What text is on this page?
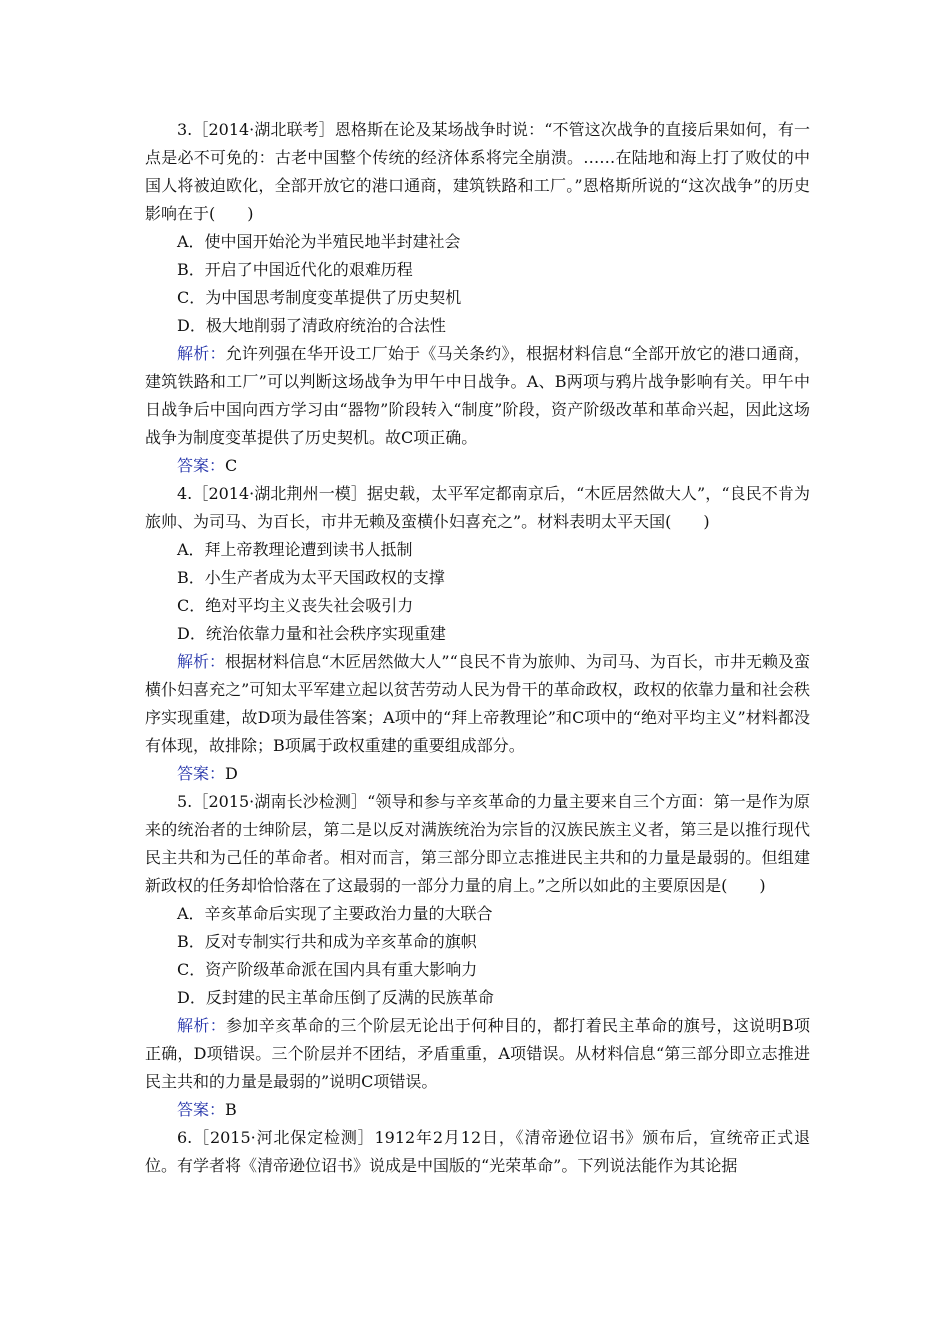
3.［2014·湖北联考］恩格斯在论及某场战争时说：“不管这次战争的直接后果如何，有一点是必不可免的：古老中国整个传统的经济体系将完全崩溃。……在陆地和海上打了败仗的中国人将被迫欧化，全部开放它的港口通商，建筑铁路和工厂。”恩格斯所说的“这次战争”的历史影响在于(　　)

A．使中国开始沦为半殖民地半封建社会

B．开启了中国近代化的艰难历程

C．为中国思考制度变革提供了历史契机

D．极大地削弱了清政府统治的合法性

解析：允许列强在华开设工厂始于《马关条约》，根据材料信息“全部开放它的港口通商，建筑铁路和工厂”可以判断这场战争为甲午中日战争。A、B两项与鸦片战争影响有关。甲午中日战争后中国向西方学习由“器物”阶段转入“制度”阶段，资产阶级改革和革命兴起，因此这场战争为制度变革提供了历史契机。故C项正确。

答案：C

4.［2014·湖北荆州一模］据史载，太平军定都南京后，“木匠居然做大人”，“良民不肯为旅帅、为司马、为百长，市井无赖及蛮横仆妇喜充之”。材料表明太平天国(　　)

A．拜上帝教理论遭到读书人抵制

B．小生产者成为太平天国政权的支撑

C．绝对平均主义丧失社会吸引力

D．统治依靠力量和社会秩序实现重建

解析：根据材料信息“木匠居然做大人”“良民不肯为旅帅、为司马、为百长，市井无赖及蛮横仆妇喜充之”可知太平军建立起以贫苦劳动人民为骨干的革命政权，政权的依靠力量和社会秩序实现重建，故D项为最佳答案；A项中的“拜上帝教理论”和C项中的“绝对平均主义”材料都没有体现，故排除；B项属于政权重建的重要组成部分。

答案：D

5.［2015·湖南长沙检测］“领导和参与辛亥革命的力量主要来自三个方面：第一是作为原来的统治者的士绅阶层，第二是以反对满族统治为宗旨的汉族民族主义者，第三是以推行现代民主共和为己任的革命者。相对而言，第三部分即立志推进民主共和的力量是最弱的。但组建新政权的任务却恰恰落在了这最弱的一部分力量的肩上。”之所以如此的主要原因是(　　)

A．辛亥革命后实现了主要政治力量的大联合

B．反对专制实行共和成为辛亥革命的旗帜

C．资产阶级革命派在国内具有重大影响力

D．反封建的民主革命压倒了反满的民族革命

解析：参加辛亥革命的三个阶层无论出于何种目的，都打着民主革命的旗号，这说明B项正确，D项错误。三个阶层并不团结，矛盾重重，A项错误。从材料信息“第三部分即立志推进民主共和的力量是最弱的”说明C项错误。

答案：B

6.［2015·河北保定检测］1912年2月12日，《清帝逊位诏书》颁布后，宣统帝正式退位。有学者将《清帝逊位诏书》说成是中国版的“光荣革命”。下列说法能作为其论据
